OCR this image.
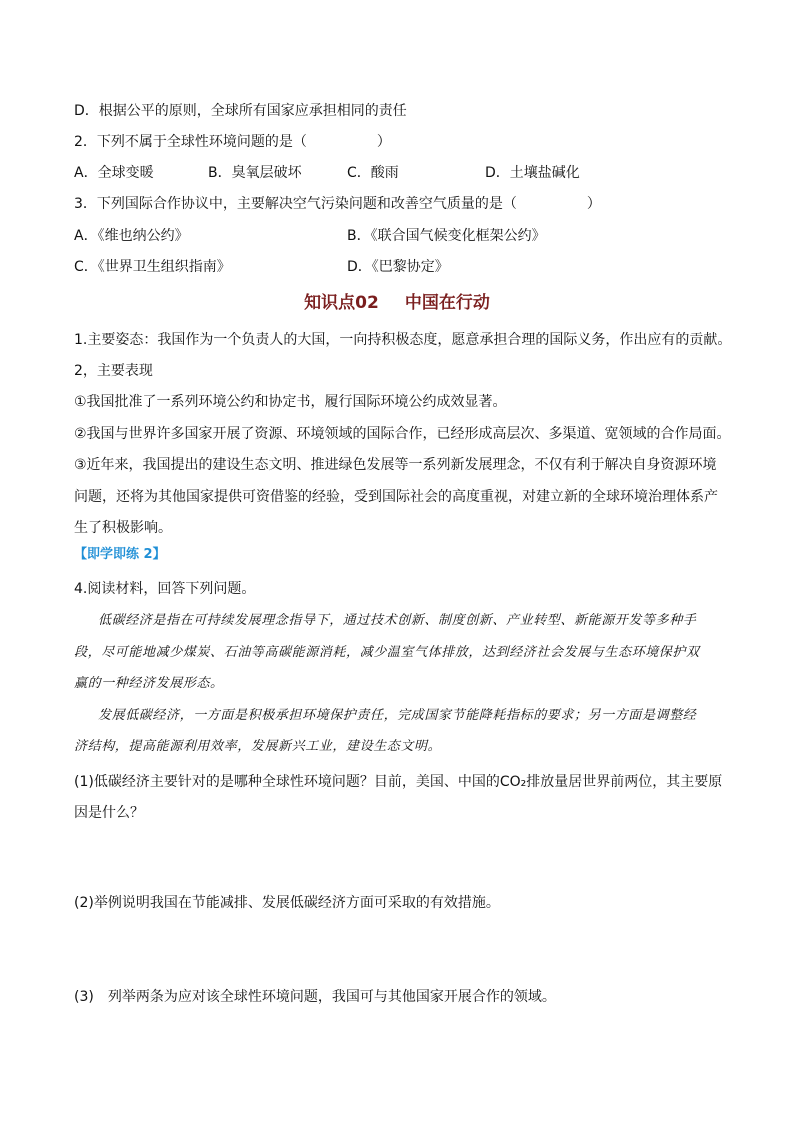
D．根据公平的原则，全球所有国家应承担相同的责任
2．下列不属于全球性环境问题的是（　　　　　）
A．全球变暖	B．臭氧层破坏	C．酸雨	D．土壤盐碱化
3．下列国际合作协议中，主要解决空气污染问题和改善空气质量的是（　　　　　）
A．《维也纳公约》	B．《联合国气候变化框架公约》
C．《世界卫生组织指南》	D．《巴黎协定》
知识点02 中国在行动
1.主要姿态：我国作为一个负责人的大国，一向持积极态度，愿意承担合理的国际义务，作出应有的贡献。
2，主要表现
①我国批准了一系列环境公约和协定书，履行国际环境公约成效显著。
②我国与世界许多国家开展了资源、环境领域的国际合作，已经形成高层次、多渠道、宽领域的合作局面。
③近年来，我国提出的建设生态文明、推进绿色发展等一系列新发展理念，不仅有利于解决自身资源环境
问题，还将为其他国家提供可资借鉴的经验，受到国际社会的高度重视，对建立新的全球环境治理体系产
生了积极影响。
【即学即练 2】
4.阅读材料，回答下列问题。
低碳经济是指在可持续发展理念指导下，通过技术创新、制度创新、产业转型、新能源开发等多种手
段，尽可能地减少煤炭、石油等高碳能源消耗，减少温室气体排放，达到经济社会发展与生态环境保护双
赢的一种经济发展形态。
发展低碳经济，一方面是积极承担环境保护责任，完成国家节能降耗指标的要求；另一方面是调整经
济结构，提高能源利用效率，发展新兴工业，建设生态文明。
(1)低碳经济主要针对的是哪种全球性环境问题？目前，美国、中国的CO₂排放量居世界前两位，其主要原
因是什么？
(2)举例说明我国在节能减排、发展低碳经济方面可采取的有效措施。
(3)　列举两条为应对该全球性环境问题，我国可与其他国家开展合作的领域。
